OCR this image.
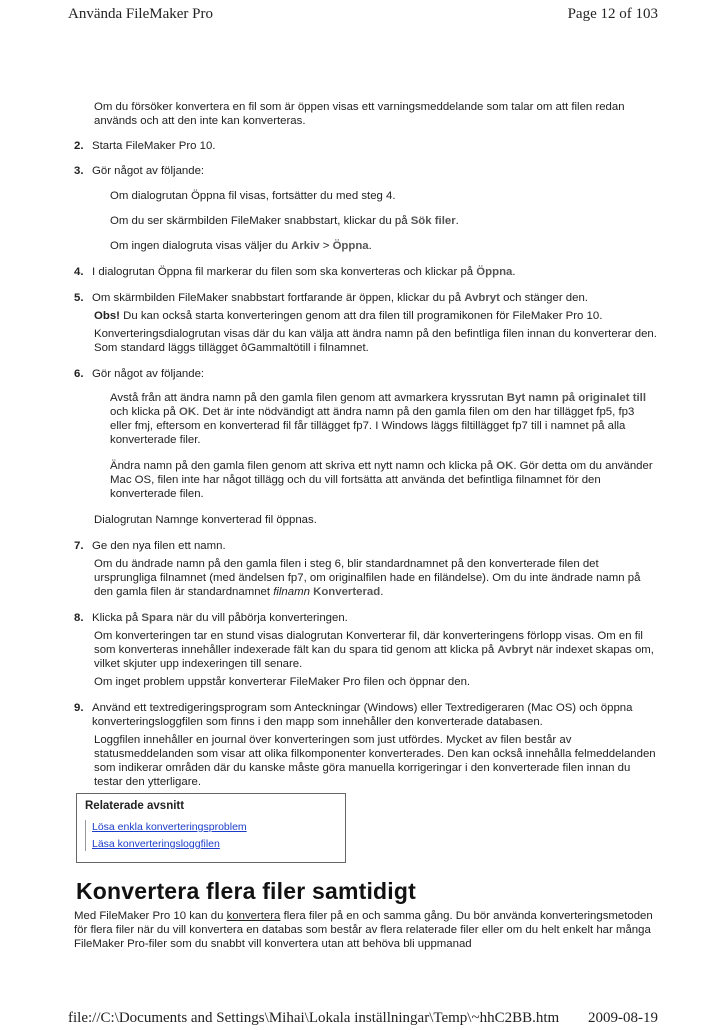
Använda FileMaker Pro	Page 12 of 103

Om du försöker konvertera en fil som är öppen visas ett varningsmeddelande som talar om att filen redan används och att den inte kan konverteras.

2. Starta FileMaker Pro 10.
3. Gör något av följande:

Om dialogrutan Öppna fil visas, fortsätter du med steg 4.

Om du ser skärmbilden FileMaker snabbstart, klickar du på Sök filer.

Om ingen dialogruta visas väljer du Arkiv > Öppna.

4. I dialogrutan Öppna fil markerar du filen som ska konverteras och klickar på Öppna.
5. Om skärmbilden FileMaker snabbstart fortfarande är öppen, klickar du på Avbryt och stänger den.

Obs! Du kan också starta konverteringen genom att dra filen till programikonen för FileMaker Pro 10.

Konverteringsdialogrutan visas där du kan välja att ändra namn på den befintliga filen innan du konverterar den. Som standard läggs tillägget ôGammaltötill i filnamnet.

6. Gör något av följande:

Avstå från att ändra namn på den gamla filen genom att avmarkera kryssrutan Byt namn på originalet till och klicka på OK. Det är inte nödvändigt att ändra namn på den gamla filen om den har tillägget fp5, fp3 eller fmj, eftersom en konverterad fil får tillägget fp7. I Windows läggs filtillägget fp7 till i namnet på alla konverterade filer.

Ändra namn på den gamla filen genom att skriva ett nytt namn och klicka på OK. Gör detta om du använder Mac OS, filen inte har något tillägg och du vill fortsätta att använda det befintliga filnamnet för den konverterade filen.

Dialogrutan Namnge konverterad fil öppnas.

7. Ge den nya filen ett namn.

Om du ändrade namn på den gamla filen i steg 6, blir standardnamnet på den konverterade filen det ursprungliga filnamnet (med ändelsen fp7, om originalfilen hade en filändelse). Om du inte ändrade namn på den gamla filen är standardnamnet filnamn Konverterad.

8. Klicka på Spara när du vill påbörja konverteringen.

Om konverteringen tar en stund visas dialogrutan Konverterar fil, där konverteringens förlopp visas. Om en fil som konverteras innehåller indexerade fält kan du spara tid genom att klicka på Avbryt när indexet skapas om, vilket skjuter upp indexeringen till senare.

Om inget problem uppstår konverterar FileMaker Pro filen och öppnar den.

9. Använd ett textredigeringsprogram som Anteckningar (Windows) eller Textredigeraren (Mac OS) och öppna konverteringsloggfilen som finns i den mapp som innehåller den konverterade databasen.

Loggfilen innehåller en journal över konverteringen som just utfördes. Mycket av filen består av statusmeddelanden som visar att olika filkomponenter konverterades. Den kan också innehålla felmeddelanden som indikerar områden där du kanske måste göra manuella korrigeringar i den konverterade filen innan du testar den ytterligare.

Relaterade avsnitt
Lösa enkla konverteringsproblem
Läsa konverteringsloggfilen
Konvertera flera filer samtidigt

Med FileMaker Pro 10 kan du konvertera flera filer på en och samma gång. Du bör använda konverteringsmetoden för flera filer när du vill konvertera en databas som består av flera relaterade filer eller om du helt enkelt har många FileMaker Pro-filer som du snabbt vill konvertera utan att behöva bli uppmanad

file://C:\Documents and Settings\Mihai\Lokala inställningar\Temp\~hhC2BB.htm 2009-08-19
